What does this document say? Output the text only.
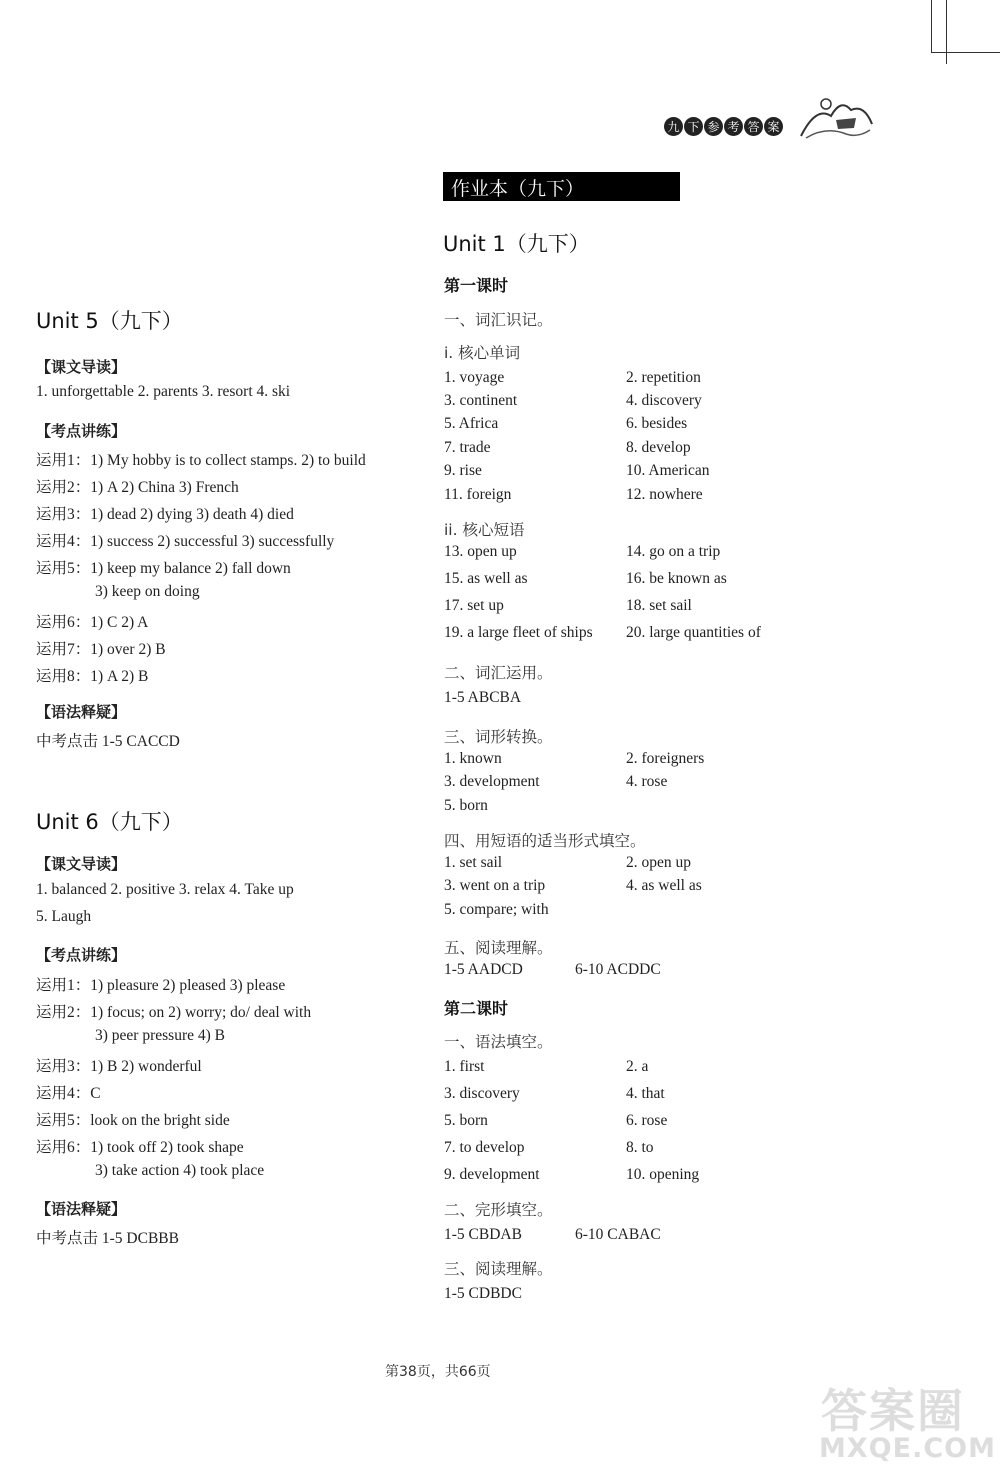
九 下 参 考 答 案
作业本（九下）
Unit 1（九下）
Unit 5（九下）
Unit 6（九下）
【课文导读】
1. unforgettable 2. parents 3. resort 4. ski
【考点讲练】
运用1：1) My hobby is to collect stamps. 2) to build
运用2：1) A 2) China 3) French
运用3：1) dead 2) dying 3) death 4) died
运用4：1) success 2) successful 3) successfully
运用5：1) keep my balance 2) fall down
3) keep on doing
运用6：1) C 2) A
运用7：1) over 2) B
运用8：1) A 2) B
【语法释疑】
中考点击 1-5 CACCD
【课文导读】
1. balanced 2. positive 3. relax 4. Take up
5. Laugh
【考点讲练】
运用1：1) pleasure 2) pleased 3) please
运用2：1) focus; on 2) worry; do/ deal with
3) peer pressure 4) B
运用3：1) B 2) wonderful
运用4：C
运用5：look on the bright side
运用6：1) took off 2) took shape
3) take action 4) took place
【语法释疑】
中考点击 1-5 DCBBB
第一课时
一、词汇识记。
i. 核心单词
1. voyage	2. repetition
3. continent	4. discovery
5. Africa	6. besides
7. trade	8. develop
9. rise	10. American
11. foreign	12. nowhere
ii. 核心短语
13. open up	14. go on a trip
15. as well as	16. be known as
17. set up	18. set sail
19. a large fleet of ships 20. large quantities of
二、词汇运用。
1-5 ABCBA
三、词形转换。
1. known	2. foreigners
3. development	4. rose
5. born
四、用短语的适当形式填空。
1. set sail	2. open up
3. went on a trip	4. as well as
5. compare; with
五、阅读理解。
1-5 AADCD	6-10 ACDDC
第二课时
一、语法填空。
1. first	2. a
3. discovery	4. that
5. born	6. rose
7. to develop	8. to
9. development	10. opening
二、完形填空。
1-5 CBDAB	6-10 CABAC
三、阅读理解。
1-5 CDBDC
第38页，共66页
答案圈
MXQE.COM
